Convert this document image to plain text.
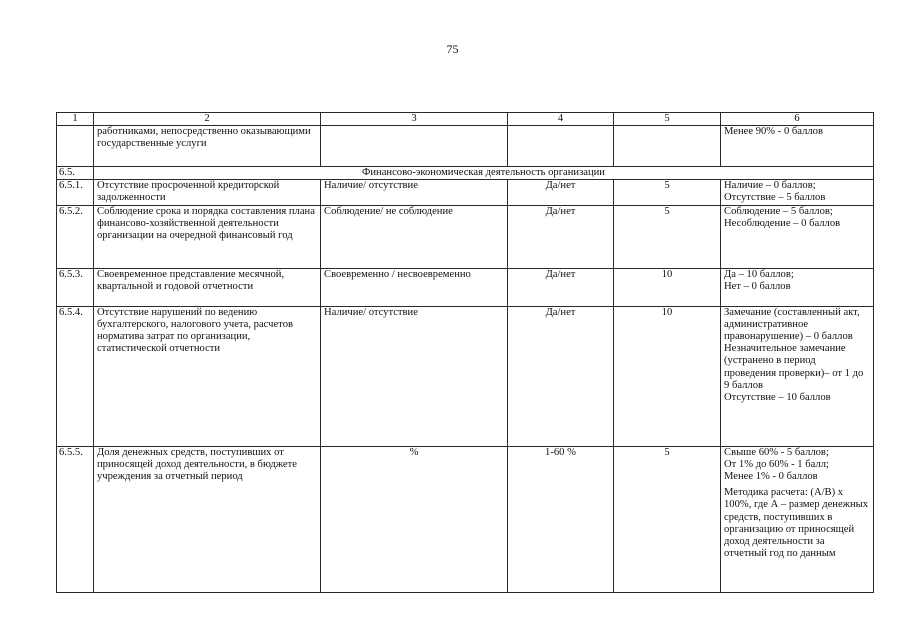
75
1	2	3	4	5	6
	работниками, непосредственно оказывающими государственные услуги				Менее 90% - 0 баллов
6.5.	Финансово-экономическая деятельность организации				
6.5.1.	Отсутствие просроченной кредиторской задолженности	Наличие/ отсутствие	Да/нет	5	Наличие – 0 баллов;
Отсутствие – 5 баллов

6.5.2.	Соблюдение срока и порядка составления плана финансово-хозяйственной деятельности организации на очередной финансовый год	Соблюдение/ не соблюдение	Да/нет	5	Соблюдение – 5 баллов;
Несоблюдение – 0 баллов

6.5.3.	Своевременное представление месячной, квартальной и годовой отчетности	Своевременно / несвоевременно	Да/нет	10	Да – 10 баллов;
Нет – 0 баллов

6.5.4.	Отсутствие нарушений по ведению бухгалтерского, налогового учета, расчетов норматива затрат по организации, статистической отчетности	Наличие/ отсутствие	Да/нет	10	Замечание (составленный акт, административное правонарушение) – 0 баллов
Незначительное замечание (устранено в период проведения проверки)– от 1 до 9 баллов
Отсутствие – 10 баллов

6.5.5.	Доля денежных средств, поступивших от приносящей доход деятельности, в бюджете учреждения за отчетный период	%	1-60 %	5	Свыше 60% - 5 баллов;
От 1% до 60% - 1 балл;
Менее 1% - 0 баллов
Методика расчета: (А/В) х 100%, где А – размер денежных средств, поступивших в организацию от приносящей доход деятельности за отчетный год по данным
